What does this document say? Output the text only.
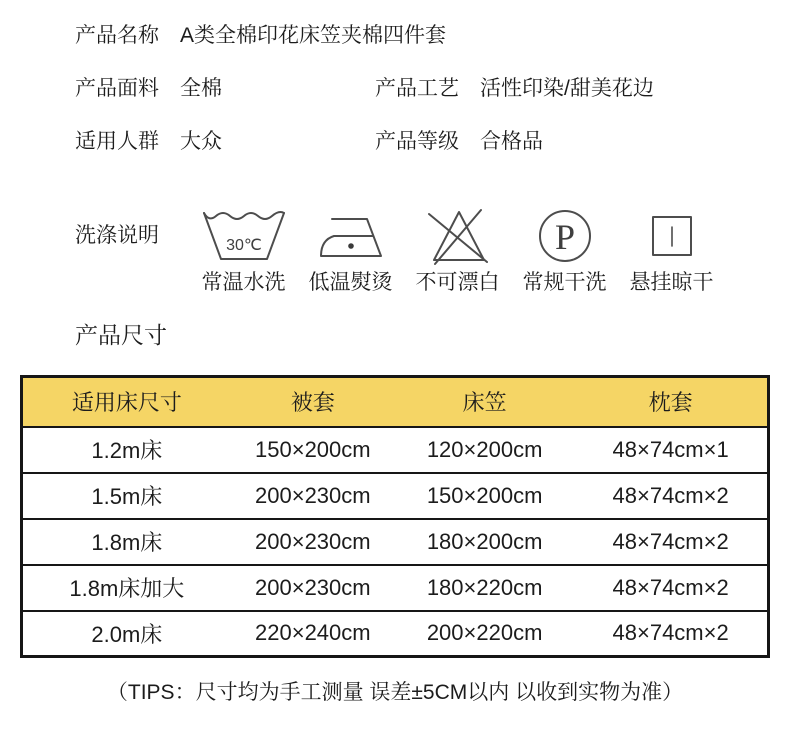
产品名称 A类全棉印花床笠夹棉四件套
产品面料 全棉	产品工艺 活性印染/甜美花边
适用人群 大众	产品等级 合格品
洗涤说明	30℃
常温水洗	低温熨烫	不可漂白
P
常规干洗	悬挂晾干
产品尺寸
适用床尺寸	被套	床笠	枕套
1.2m床	150×200cm	120×200cm	48×74cm×1
1.5m床	200×230cm	150×200cm	48×74cm×2
1.8m床	200×230cm	180×200cm	48×74cm×2
1.8m床加大	200×230cm	180×220cm	48×74cm×2
2.0m床	220×240cm	200×220cm	48×74cm×2
（TIPS：尺寸均为手工测量 误差±5CM以内 以收到实物为准）
